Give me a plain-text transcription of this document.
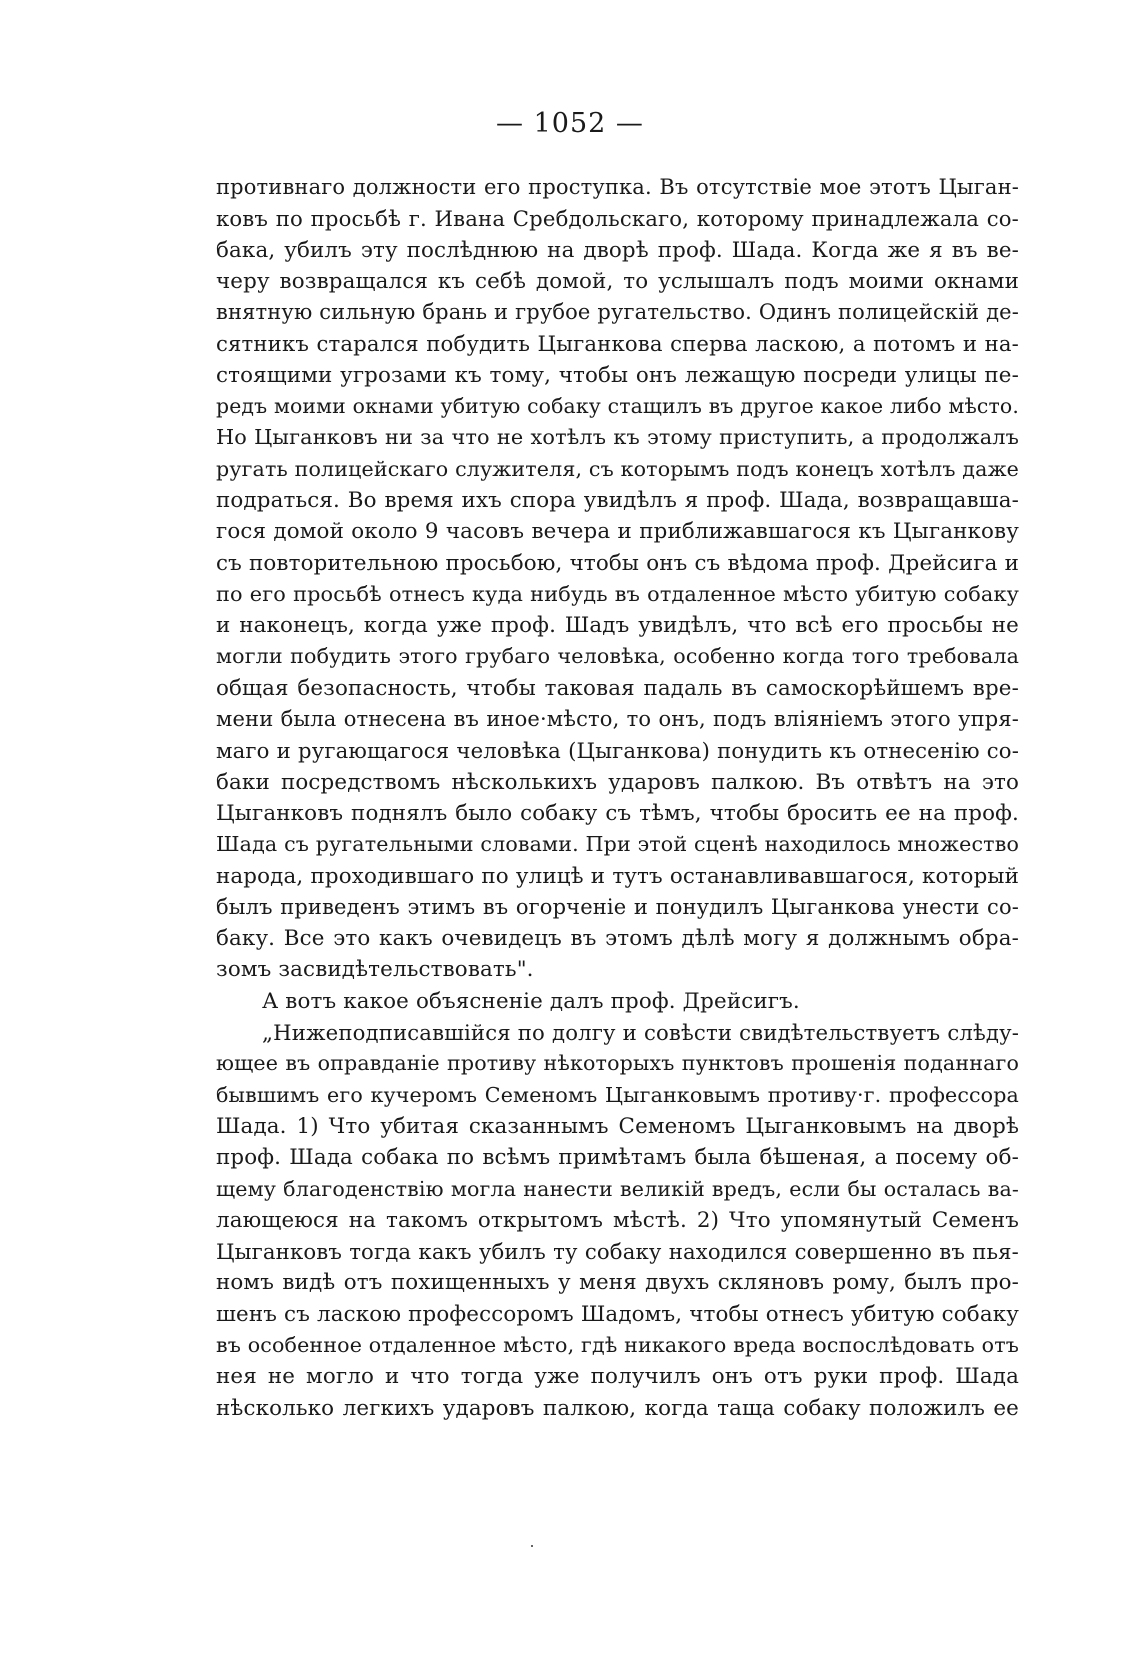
— 1052 —
противнаго должности его проступка. Въ отсутствіе мое этотъ Цыган-
ковъ по просьбѣ г. Ивана Сребдольскаго, которому принадлежала со-
бака, убилъ эту послѣднюю на дворѣ проф. Шада. Когда же я въ ве-
черу возвращался къ себѣ домой, то услышалъ подъ моими окнами
внятную сильную брань и грубое ругательство. Одинъ полицейскій де-
сятникъ старался побудить Цыганкова сперва ласкою, а потомъ и на-
стоящими угрозами къ тому, чтобы онъ лежащую посреди улицы пе-
редъ моими окнами убитую собаку стащилъ въ другое какое либо мѣсто.
Но Цыганковъ ни за что не хотѣлъ къ этому приступить, а продолжалъ
ругать полицейскаго служителя, съ которымъ подъ конецъ хотѣлъ даже
подраться. Во время ихъ спора увидѣлъ я проф. Шада, возвращавша-
гося домой около 9 часовъ вечера и приближавшагося къ Цыганкову
съ повторительною просьбою, чтобы онъ съ вѣдома проф. Дрейсига и
по его просьбѣ отнесъ куда нибудь въ отдаленное мѣсто убитую собаку
и наконецъ, когда уже проф. Шадъ увидѣлъ, что всѣ его просьбы не
могли побудить этого грубаго человѣка, особенно когда того требовала
общая безопасность, чтобы таковая падаль въ самоскорѣйшемъ вре-
мени была отнесена въ иное·мѣсто, то онъ, подъ вліяніемъ этого упря-
маго и ругающагося человѣка (Цыганкова) понудить къ отнесенію со-
баки посредствомъ нѣсколькихъ ударовъ палкою. Въ отвѣтъ на это
Цыганковъ поднялъ было собаку съ тѣмъ, чтобы бросить ее на проф.
Шада съ ругательными словами. При этой сценѣ находилось множество
народа, проходившаго по улицѣ и тутъ останавливавшагося, который
былъ приведенъ этимъ въ огорченіе и понудилъ Цыганкова унести со-
баку. Все это какъ очевидецъ въ этомъ дѣлѣ могу я должнымъ обра-
зомъ засвидѣтельствовать".
А вотъ какое объясненіе далъ проф. Дрейсигъ.
„Нижеподписавшійся по долгу и совѣсти свидѣтельствуетъ слѣду-
ющее въ оправданіе противу нѣкоторыхъ пунктовъ прошенія поданнаго
бывшимъ его кучеромъ Семеномъ Цыганковымъ противу·г. профессора
Шада. 1) Что убитая сказаннымъ Семеномъ Цыганковымъ на дворѣ
проф. Шада собака по всѣмъ примѣтамъ была бѣшеная, а посему об-
щему благоденствію могла нанести великій вредъ, если бы осталась ва-
лающеюся на такомъ открытомъ мѣстѣ. 2) Что упомянутый Семенъ
Цыганковъ тогда какъ убилъ ту собаку находился совершенно въ пья-
номъ видѣ отъ похищенныхъ у меня двухъ скляновъ рому, былъ про-
шенъ съ ласкою профессоромъ Шадомъ, чтобы отнесъ убитую собаку
въ особенное отдаленное мѣсто, гдѣ никакого вреда воспослѣдовать отъ
нея не могло и что тогда уже получилъ онъ отъ руки проф. Шада
нѣсколько легкихъ ударовъ палкою, когда таща собаку положилъ ее
